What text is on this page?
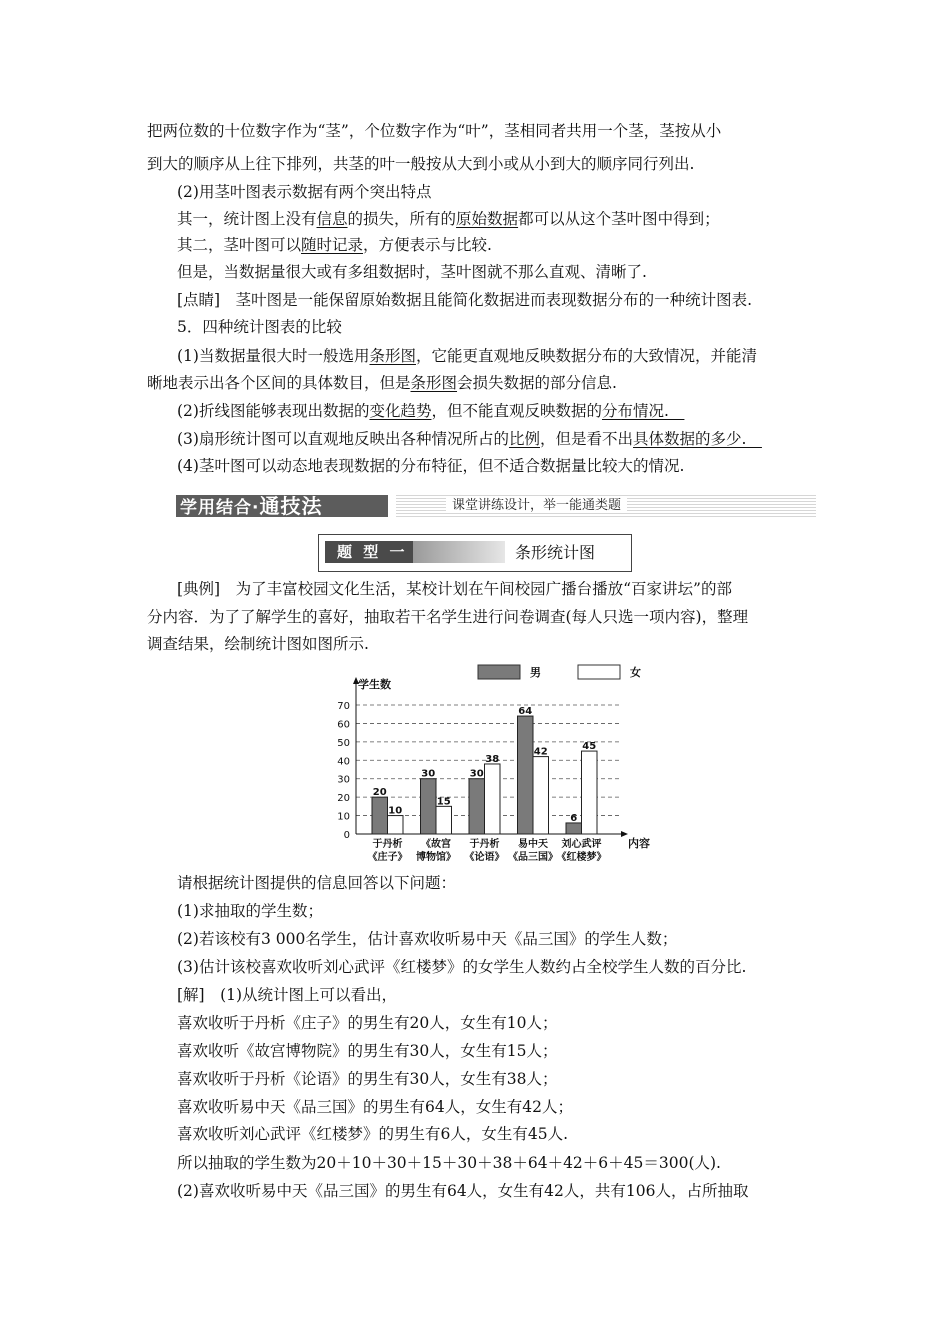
把两位数的十位数字作为“茎”，个位数字作为“叶”，茎相同者共用一个茎，茎按从小
到大的顺序从上往下排列，共茎的叶一般按从大到小或从小到大的顺序同行列出.
(2)用茎叶图表示数据有两个突出特点
其一，统计图上没有信息的损失，所有的原始数据都可以从这个茎叶图中得到；
其二，茎叶图可以随时记录，方便表示与比较.
但是，当数据量很大或有多组数据时，茎叶图就不那么直观、清晰了.
[点睛]　茎叶图是一能保留原始数据且能简化数据进而表现数据分布的一种统计图表.
5．四种统计图表的比较
(1)当数据量很大时一般选用条形图，它能更直观地反映数据分布的大致情况，并能清
晰地表示出各个区间的具体数目，但是条形图会损失数据的部分信息.
(2)折线图能够表现出数据的变化趋势，但不能直观反映数据的分布情况.　
(3)扇形统计图可以直观地反映出各种情况所占的比例，但是看不出具体数据的多少.　
(4)茎叶图可以动态地表现数据的分布特征，但不适合数据量比较大的情况.
学用结合·通技法	课堂讲练设计，举一能通类题
题 型 一	条形统计图
[典例]　为了丰富校园文化生活，某校计划在午间校园广播台播放“百家讲坛”的部
分内容．为了了解学生的喜好，抽取若干名学生进行问卷调查(每人只选一项内容)，整理
调查结果，绘制统计图如图所示.
0
10
20
30
40
50
60
70
学生数
内容
男	女
20
10
于丹析
《庄子》
30
15
《故宫
博物馆》
30
38
于丹析
《论语》
64
42
易中天
《品三国》
6
45
刘心武评
《红楼梦》
请根据统计图提供的信息回答以下问题：
(1)求抽取的学生数；
(2)若该校有3 000名学生，估计喜欢收听易中天《品三国》的学生人数；
(3)估计该校喜欢收听刘心武评《红楼梦》的女学生人数约占全校学生人数的百分比.
[解]　(1)从统计图上可以看出，
喜欢收听于丹析《庄子》的男生有20人，女生有10人；
喜欢收听《故宫博物院》的男生有30人，女生有15人；
喜欢收听于丹析《论语》的男生有30人，女生有38人；
喜欢收听易中天《品三国》的男生有64人，女生有42人；
喜欢收听刘心武评《红楼梦》的男生有6人，女生有45人.
所以抽取的学生数为20＋10＋30＋15＋30＋38＋64＋42＋6＋45＝300(人).
(2)喜欢收听易中天《品三国》的男生有64人，女生有42人，共有106人，占所抽取
